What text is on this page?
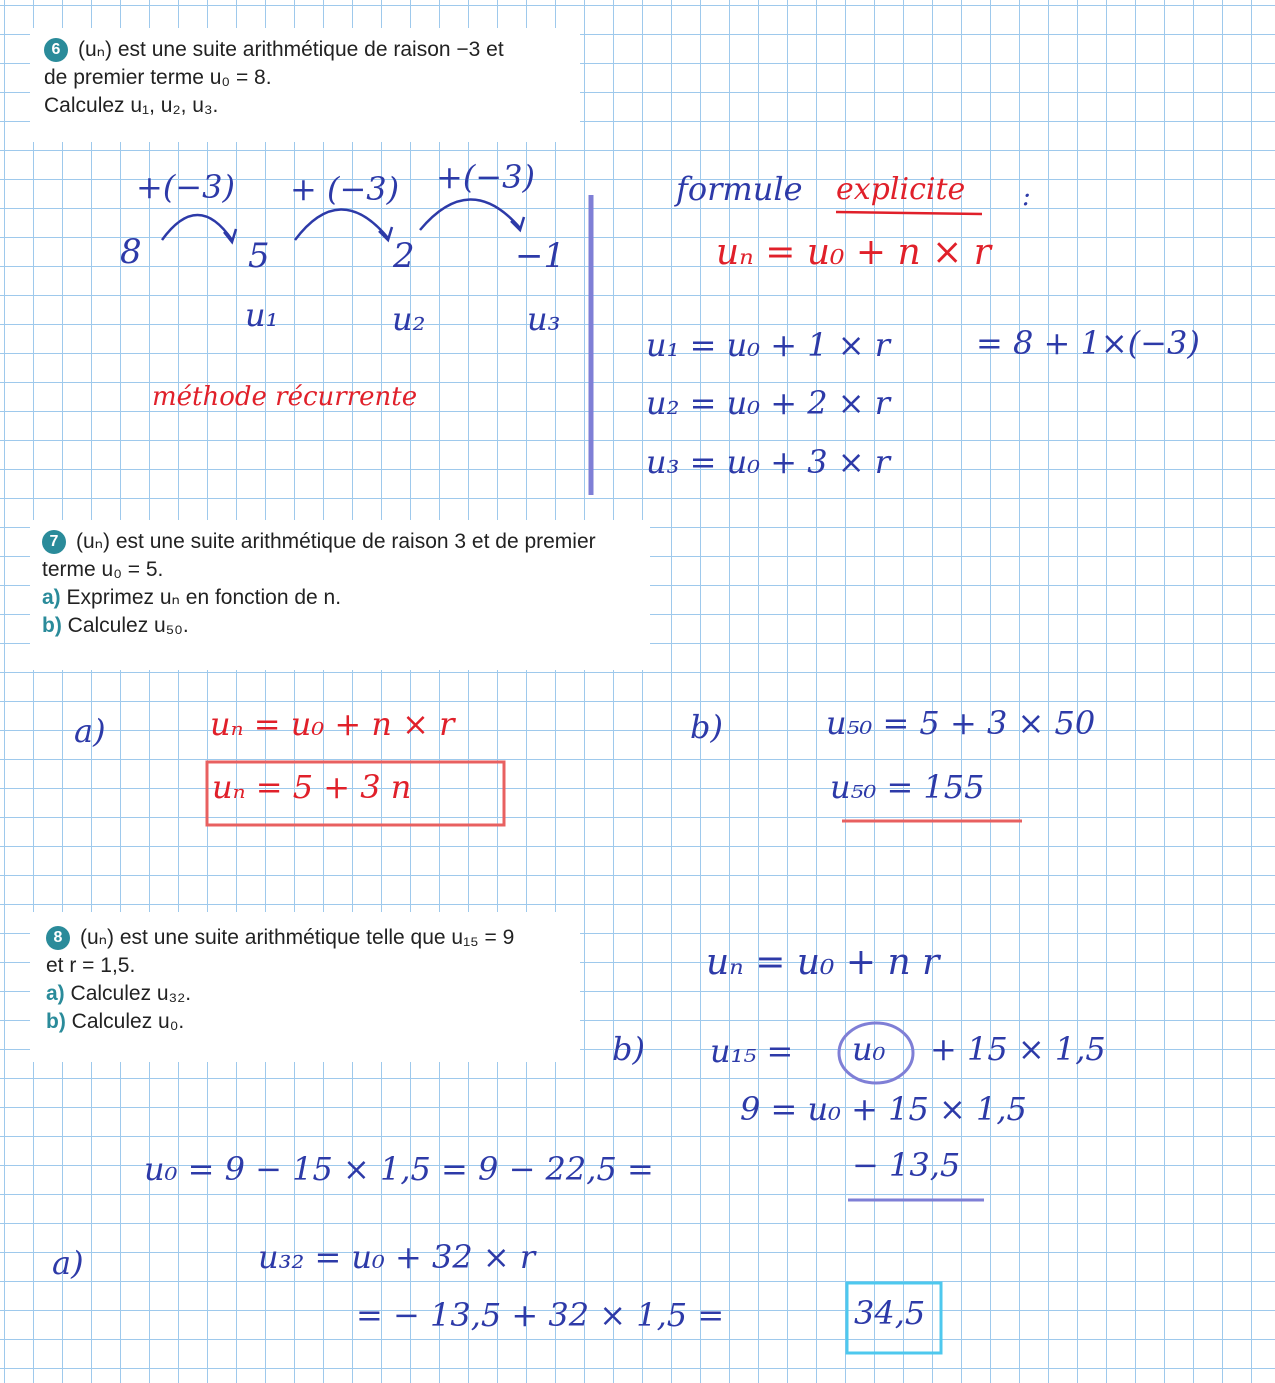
6 (uₙ) est une suite arithmétique de raison −3 et
de premier terme u₀ = 8.
Calculez u₁, u₂, u₃.
7 (uₙ) est une suite arithmétique de raison 3 et de premier
terme u₀ = 5.
a) Exprimez uₙ en fonction de n.
b) Calculez u₅₀.
8 (uₙ) est une suite arithmétique telle que u₁₅ = 9
et r = 1,5.
a) Calculez u₃₂.
b) Calculez u₀.
+(−3) + (−3) +(−3)
8	5	2	−1
u₁	u₂	u₃
méthode récurrente
formule explicite :
uₙ = u₀ + n × r
u₁ = u₀ + 1 × r	= 8 + 1×(−3)
u₂ = u₀ + 2 × r
u₃ = u₀ + 3 × r
a)	uₙ = u₀ + n × r
uₙ = 5 + 3 n
b)	u₅₀ = 5 + 3 × 50
u₅₀ = 155
uₙ = u₀ + n r
b) u₁₅ = u₀ + 15 × 1,5
9 = u₀ + 15 × 1,5
u₀ = 9 − 15 × 1,5 = 9 − 22,5 =	− 13,5
a)	u₃₂ = u₀ + 32 × r
= − 13,5 + 32 × 1,5 =	34,5
